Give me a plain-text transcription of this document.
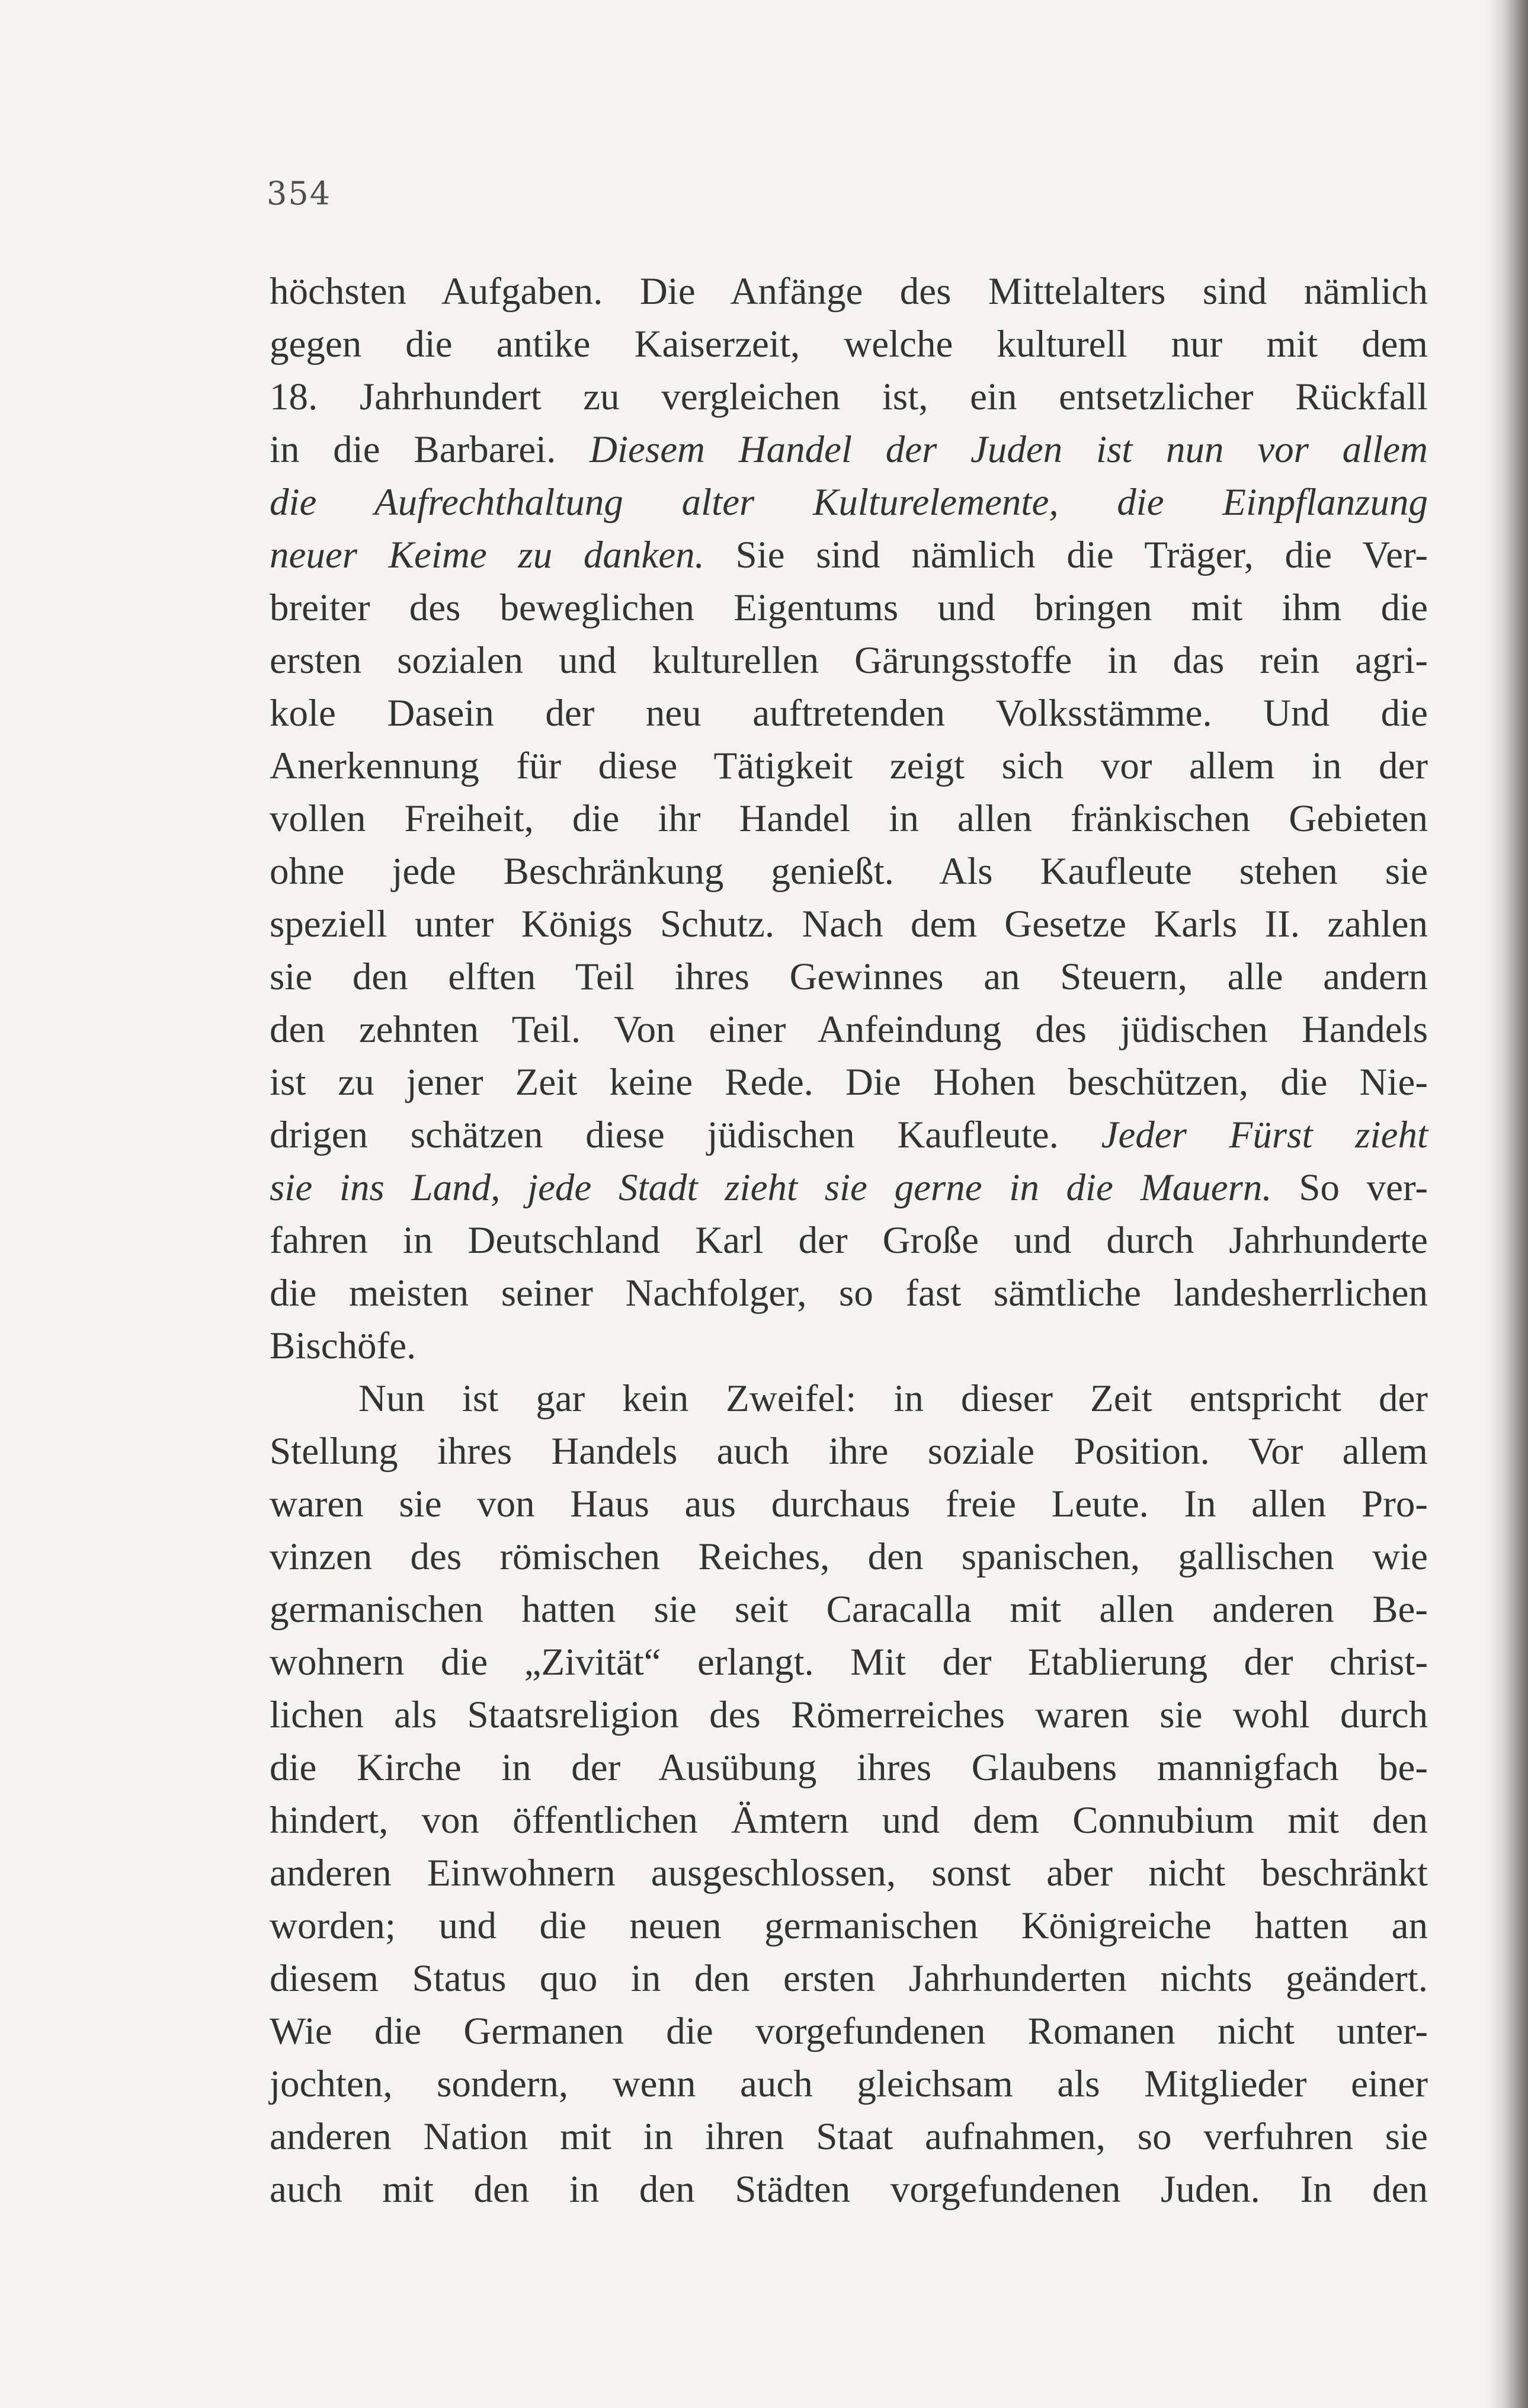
354
höchsten Aufgaben. Die Anfänge des Mittelalters sind nämlich
gegen die antike Kaiserzeit, welche kulturell nur mit dem
18. Jahrhundert zu vergleichen ist, ein entsetzlicher Rückfall
in die Barbarei. Diesem Handel der Juden ist nun vor allem
die Aufrechthaltung alter Kulturelemente, die Einpflanzung
neuer Keime zu danken. Sie sind nämlich die Träger, die Ver-
breiter des beweglichen Eigentums und bringen mit ihm die
ersten sozialen und kulturellen Gärungsstoffe in das rein agri-
kole Dasein der neu auftretenden Volksstämme. Und die
Anerkennung für diese Tätigkeit zeigt sich vor allem in der
vollen Freiheit, die ihr Handel in allen fränkischen Gebieten
ohne jede Beschränkung genießt. Als Kaufleute stehen sie
speziell unter Königs Schutz. Nach dem Gesetze Karls II. zahlen
sie den elften Teil ihres Gewinnes an Steuern, alle andern
den zehnten Teil. Von einer Anfeindung des jüdischen Handels
ist zu jener Zeit keine Rede. Die Hohen beschützen, die Nie-
drigen schätzen diese jüdischen Kaufleute. Jeder Fürst zieht
sie ins Land, jede Stadt zieht sie gerne in die Mauern. So ver-
fahren in Deutschland Karl der Große und durch Jahrhunderte
die meisten seiner Nachfolger, so fast sämtliche landesherrlichen
Bischöfe.
Nun ist gar kein Zweifel: in dieser Zeit entspricht der
Stellung ihres Handels auch ihre soziale Position. Vor allem
waren sie von Haus aus durchaus freie Leute. In allen Pro-
vinzen des römischen Reiches, den spanischen, gallischen wie
germanischen hatten sie seit Caracalla mit allen anderen Be-
wohnern die „Zivität“ erlangt. Mit der Etablierung der christ-
lichen als Staatsreligion des Römerreiches waren sie wohl durch
die Kirche in der Ausübung ihres Glaubens mannigfach be-
hindert, von öffentlichen Ämtern und dem Connubium mit den
anderen Einwohnern ausgeschlossen, sonst aber nicht beschränkt
worden; und die neuen germanischen Königreiche hatten an
diesem Status quo in den ersten Jahrhunderten nichts geändert.
Wie die Germanen die vorgefundenen Romanen nicht unter-
jochten, sondern, wenn auch gleichsam als Mitglieder einer
anderen Nation mit in ihren Staat aufnahmen, so verfuhren sie
auch mit den in den Städten vorgefundenen Juden. In den
